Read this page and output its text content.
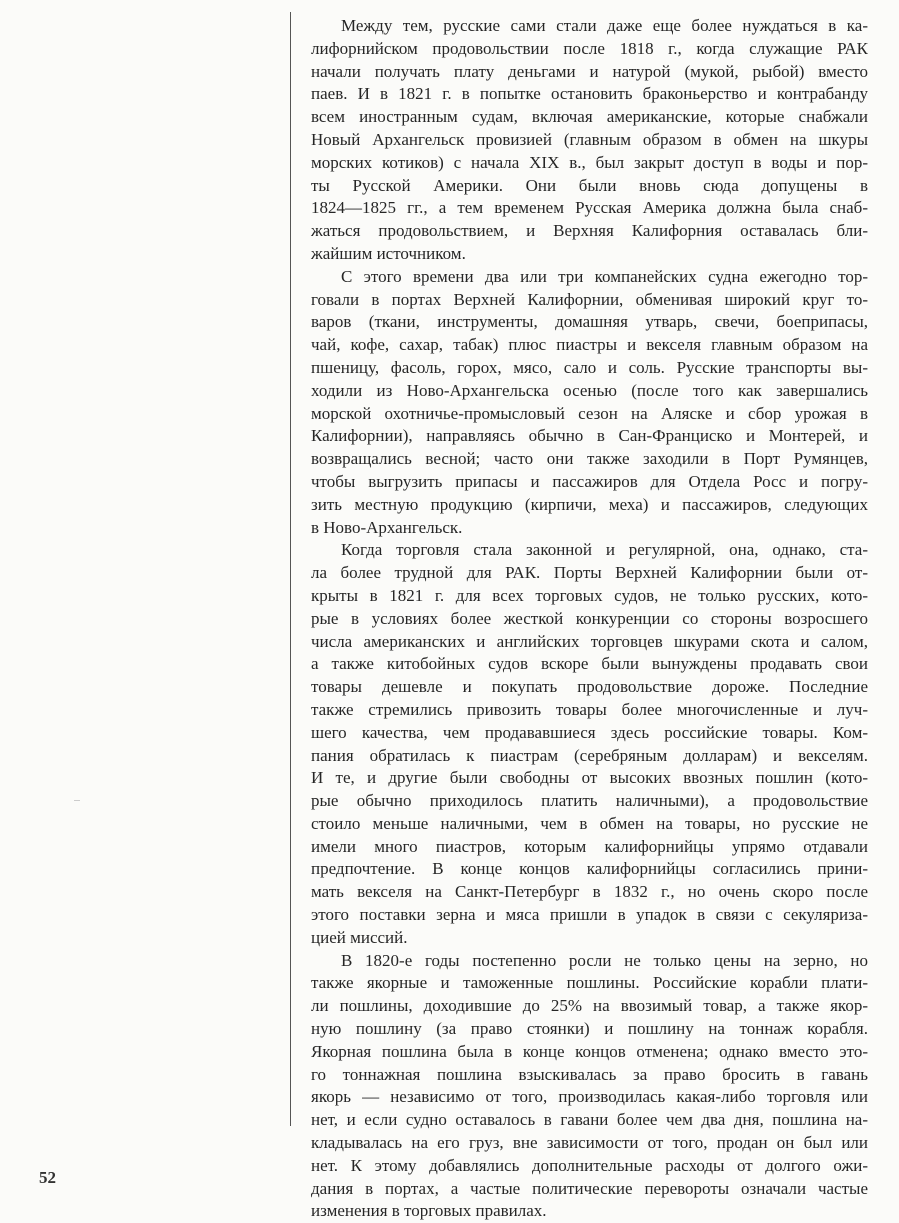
Между тем, русские сами стали даже еще более нуждаться в ка-
лифорнийском продовольствии после 1818 г., когда служащие РАК
начали получать плату деньгами и натурой (мукой, рыбой) вместо
паев. И в 1821 г. в попытке остановить браконьерство и контрабанду
всем иностранным судам, включая американские, которые снабжали
Новый Архангельск провизией (главным образом в обмен на шкуры
морских котиков) с начала XIX в., был закрыт доступ в воды и пор-
ты Русской Америки. Они были вновь сюда допущены в
1824—1825 гг., а тем временем Русская Америка должна была снаб-
жаться продовольствием, и Верхняя Калифорния оставалась бли-
жайшим источником.
С этого времени два или три компанейских судна ежегодно тор-
говали в портах Верхней Калифорнии, обменивая широкий круг то-
варов (ткани, инструменты, домашняя утварь, свечи, боеприпасы,
чай, кофе, сахар, табак) плюс пиастры и векселя главным образом на
пшеницу, фасоль, горох, мясо, сало и соль. Русские транспорты вы-
ходили из Ново-Архангельска осенью (после того как завершались
морской охотничье-промысловый сезон на Аляске и сбор урожая в
Калифорнии), направляясь обычно в Сан-Франциско и Монтерей, и
возвращались весной; часто они также заходили в Порт Румянцев,
чтобы выгрузить припасы и пассажиров для Отдела Росс и погру-
зить местную продукцию (кирпичи, меха) и пассажиров, следующих
в Ново-Архангельск.
Когда торговля стала законной и регулярной, она, однако, ста-
ла более трудной для РАК. Порты Верхней Калифорнии были от-
крыты в 1821 г. для всех торговых судов, не только русских, кото-
рые в условиях более жесткой конкуренции со стороны возросшего
числа американских и английских торговцев шкурами скота и салом,
а также китобойных судов вскоре были вынуждены продавать свои
товары дешевле и покупать продовольствие дороже. Последние
также стремились привозить товары более многочисленные и луч-
шего качества, чем продававшиеся здесь российские товары. Ком-
пания обратилась к пиастрам (серебряным долларам) и векселям.
И те, и другие были свободны от высоких ввозных пошлин (кото-
рые обычно приходилось платить наличными), а продовольствие
стоило меньше наличными, чем в обмен на товары, но русские не
имели много пиастров, которым калифорнийцы упрямо отдавали
предпочтение. В конце концов калифорнийцы согласились прини-
мать векселя на Санкт-Петербург в 1832 г., но очень скоро после
этого поставки зерна и мяса пришли в упадок в связи с секуляриза-
цией миссий.
В 1820-е годы постепенно росли не только цены на зерно, но
также якорные и таможенные пошлины. Российские корабли плати-
ли пошлины, доходившие до 25% на ввозимый товар, а также якор-
ную пошлину (за право стоянки) и пошлину на тоннаж корабля.
Якорная пошлина была в конце концов отменена; однако вместо это-
го тоннажная пошлина взыскивалась за право бросить в гавань
якорь — независимо от того, производилась какая-либо торговля или
нет, и если судно оставалось в гавани более чем два дня, пошлина на-
кладывалась на его груз, вне зависимости от того, продан он был или
нет. К этому добавлялись дополнительные расходы от долгого ожи-
дания в портах, а частые политические перевороты означали частые
изменения в торговых правилах.
52
